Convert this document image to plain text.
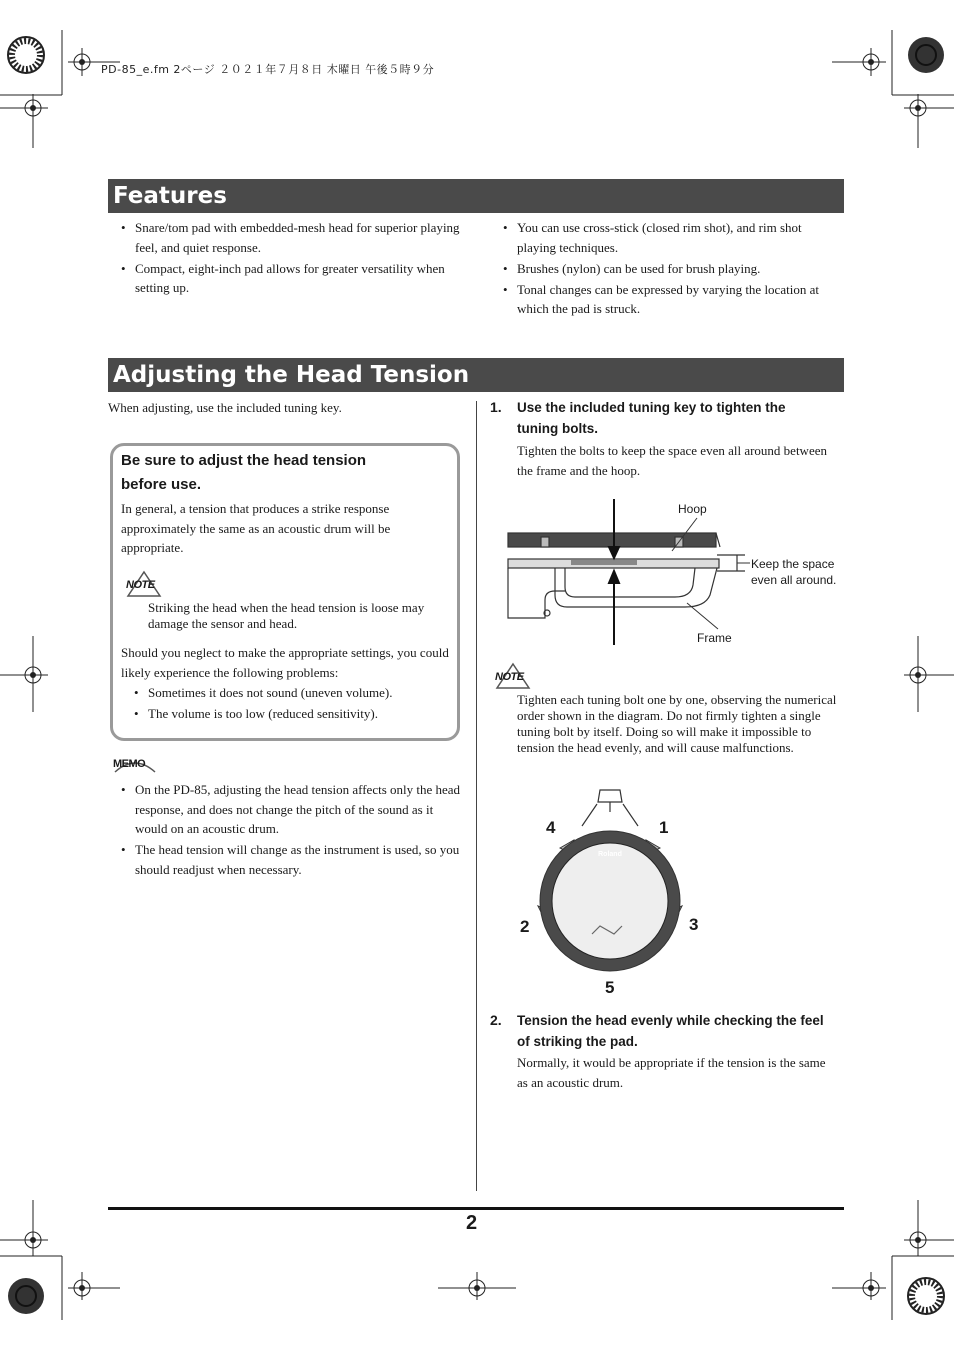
PD-85_e.fm 2ページ ２０２１年７月８日 木曜日 午後５時９分
Features
• Snare/tom pad with embedded-mesh head for superior playing feel, and quiet response.
• Compact, eight-inch pad allows for greater versatility when setting up.
• You can use cross-stick (closed rim shot), and rim shot playing techniques.
• Brushes (nylon) can be used for brush playing.
• Tonal changes can be expressed by varying the location at which the pad is struck.
Adjusting the Head Tension
When adjusting, use the included tuning key.
Be sure to adjust the head tension
before use.
In general, a tension that produces a strike response approximately the same as an acoustic drum will be appropriate.
NOTE
Striking the head when the head tension is loose may damage the sensor and head.
Should you neglect to make the appropriate settings, you could likely experience the following problems:
• Sometimes it does not sound (uneven volume).
• The volume is too low (reduced sensitivity).
MEMO
• On the PD-85, adjusting the head tension affects only the head response, and does not change the pitch of the sound as it would on an acoustic drum.
• The head tension will change as the instrument is used, so you should readjust when necessary.
1. Use the included tuning key to tighten the
tuning bolts.
Tighten the bolts to keep the space even all around between the frame and the hoop.
Hoop
Frame
Keep the space
even all around.
NOTE
Tighten each tuning bolt one by one, observing the numerical order shown in the diagram. Do not firmly tighten a single tuning bolt by itself. Doing so will make it impossible to tension the head evenly, and will cause malfunctions.
Roland
4	1
2	3
5
2. Tension the head evenly while checking the feel
of striking the pad.
Normally, it would be appropriate if the tension is the same as an acoustic drum.
2
